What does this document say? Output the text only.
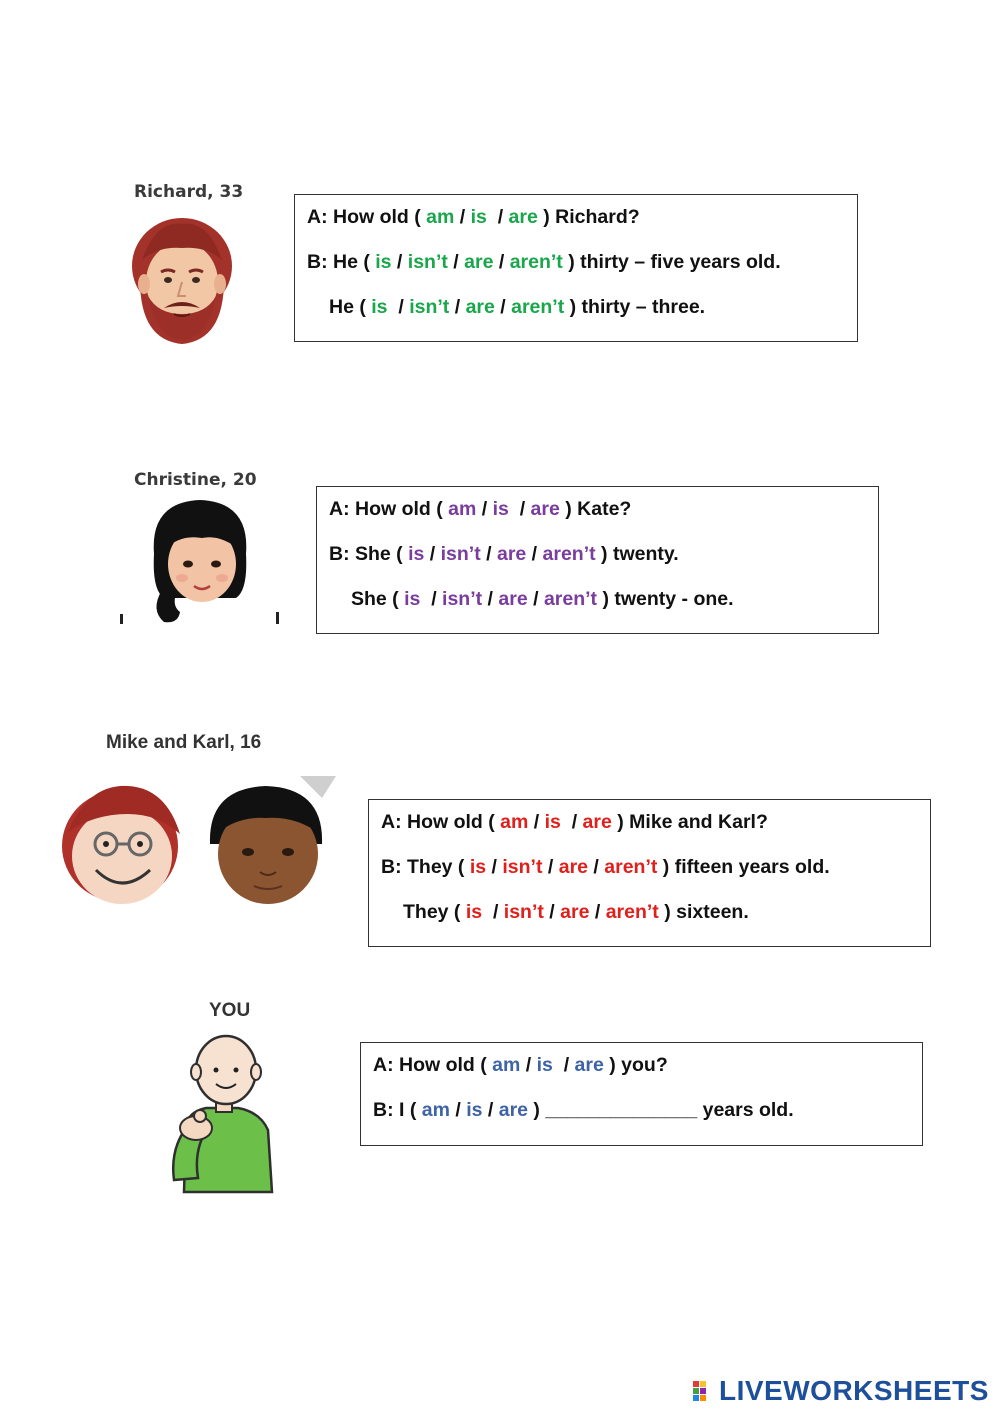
Richard, 33
A: How old ( am / is  / are ) Richard?
B: He ( is / isn’t / are / aren’t ) thirty – five years old.
He ( is  / isn’t / are / aren’t ) thirty – three.
Christine, 20
A: How old ( am / is  / are ) Kate?
B: She ( is / isn’t / are / aren’t ) twenty.
She ( is  / isn’t / are / aren’t ) twenty - one.
Mike and Karl, 16
A: How old ( am / is  / are ) Mike and Karl?
B: They ( is / isn’t / are / aren’t ) fifteen years old.
They ( is  / isn’t / are / aren’t ) sixteen.
YOU
A: How old ( am / is  / are ) you?
B: I ( am / is / are ) ______________ years old.
LIVEWORKSHEETS
